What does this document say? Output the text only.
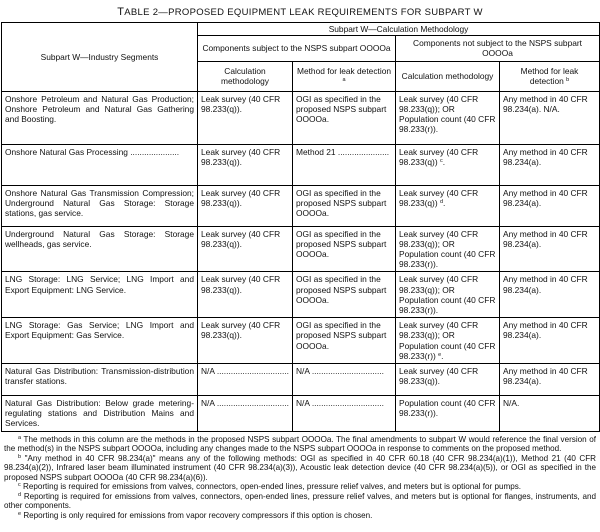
TABLE 2—PROPOSED EQUIPMENT LEAK REQUIREMENTS FOR SUBPART W
Subpart W—Industry Segments	Subpart W—Calculation Methodology			
	Components subject to the NSPS subpart OOOOa		Components not subject to the NSPS subpart OOOOa	
	Calculation methodology	Method for leak detection $^a$	Calculation methodology	Method for leak detection $^b$
Onshore Petroleum and Natural Gas Production; Onshore Petroleum and Natural Gas Gathering and Boosting.	Leak survey (40 CFR 98.233(q)).	OGI as specified in the proposed NSPS subpart OOOOa.	Leak survey (40 CFR 98.233(q)); OR Population count (40 CFR 98.233(r)).	Any method in 40 CFR 98.234(a). N/A.
Onshore Natural Gas Processing .....................	Leak survey (40 CFR 98.233(q)).	Method 21 ......................	Leak survey (40 CFR 98.233(q)) $^c$.	Any method in 40 CFR 98.234(a).
Onshore Natural Gas Transmission Compression; Underground Natural Gas Storage: Storage stations, gas service.	Leak survey (40 CFR 98.233(q)).	OGI as specified in the proposed NSPS subpart OOOOa.	Leak survey (40 CFR 98.233(q)) $^d$.	Any method in 40 CFR 98.234(a).
Underground Natural Gas Storage: Storage wellheads, gas service.	Leak survey (40 CFR 98.233(q)).	OGI as specified in the proposed NSPS subpart OOOOa.	Leak survey (40 CFR 98.233(q)); OR Population count (40 CFR 98.233(r)).	Any method in 40 CFR 98.234(a).
LNG Storage: LNG Service; LNG Import and Export Equipment: LNG Service.	Leak survey (40 CFR 98.233(q)).	OGI as specified in the proposed NSPS subpart OOOOa.	Leak survey (40 CFR 98.233(q)); OR Population count (40 CFR 98.233(r)).	Any method in 40 CFR 98.234(a).
LNG Storage: Gas Service; LNG Import and Export Equipment: Gas Service.	Leak survey (40 CFR 98.233(q)).	OGI as specified in the proposed NSPS subpart OOOOa.	Leak survey (40 CFR 98.233(q)); OR Population count (40 CFR 98.233(r)) $^e$.	Any method in 40 CFR 98.234(a).
Natural Gas Distribution: Transmission-distribution transfer stations.	N/A ...............................	N/A ...............................	Leak survey (40 CFR 98.233(q)).	Any method in 40 CFR 98.234(a).
Natural Gas Distribution: Below grade metering-regulating stations and Distribution Mains and Services.	N/A ...............................	N/A ...............................	Population count (40 CFR 98.233(r)).	N/A.
$^a$ The methods in this column are the methods in the proposed NSPS subpart OOOOa. The final amendments to subpart W would reference the final version of the method(s) in the NSPS subpart OOOOa, including any changes made to the NSPS subpart OOOOa in response to comments on the proposed method.
$^b$ "Any method in 40 CFR 98.234(a)" means any of the following methods: OGI as specified in 40 CFR 60.18 (40 CFR 98.234(a)(1)), Method 21 (40 CFR 98.234(a)(2)), Infrared laser beam illuminated instrument (40 CFR 98.234(a)(3)), Acoustic leak detection device (40 CFR 98.234(a)(5)), or OGI as specified in the proposed NSPS subpart OOOOa (40 CFR 98.234(a)(6)).
$^c$ Reporting is required for emissions from valves, connectors, open-ended lines, pressure relief valves, and meters but is optional for pumps.
$^d$ Reporting is required for emissions from valves, connectors, open-ended lines, pressure relief valves, and meters but is optional for flanges, instruments, and other components.
$^e$ Reporting is only required for emissions from vapor recovery compressors if this option is chosen.
